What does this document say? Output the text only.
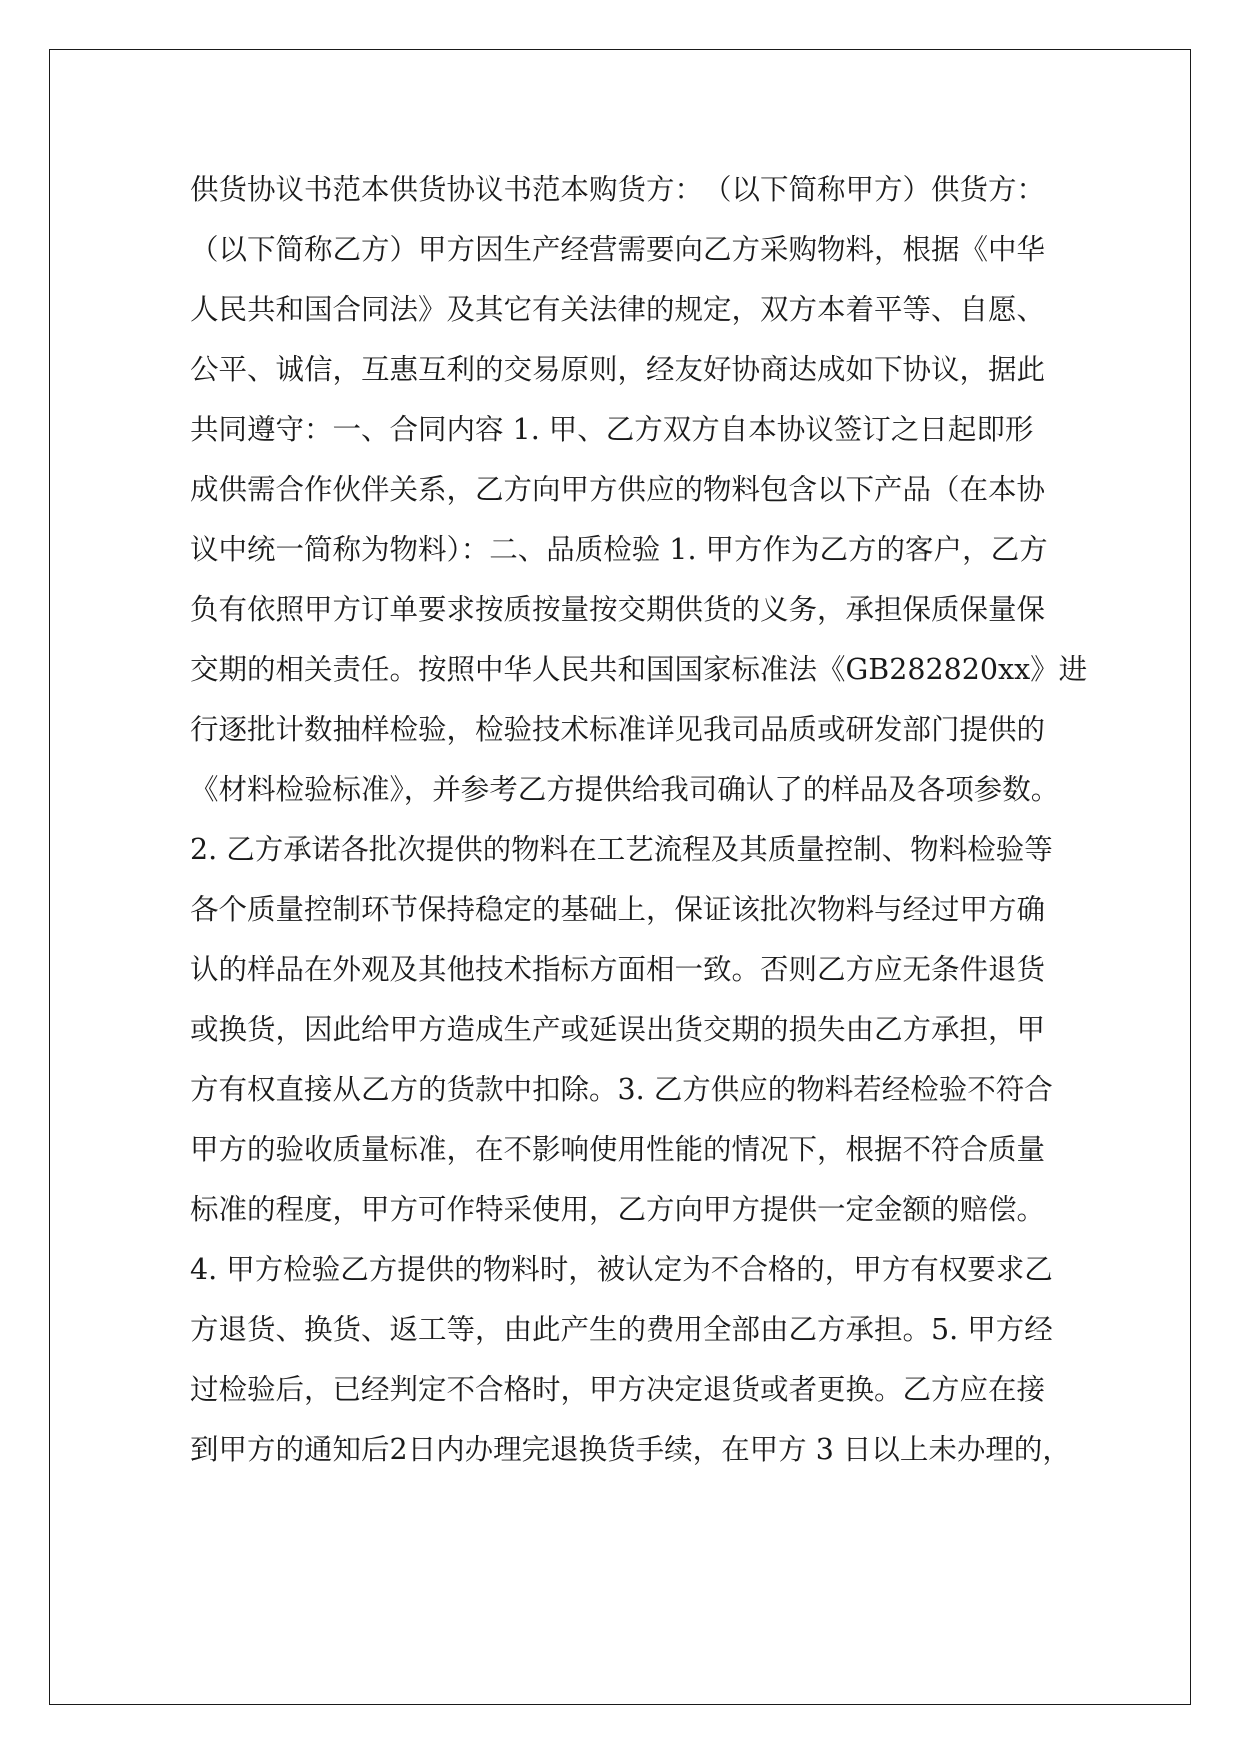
供货协议书范本供货协议书范本购货方：　（以下简称甲方）供货方：
（以下简称乙方）甲方因生产经营需要向乙方采购物料，根据《中华
人民共和国合同法》及其它有关法律的规定，双方本着平等、自愿、
公平、诚信，互惠互利的交易原则，经友好协商达成如下协议，据此
共同遵守：一、合同内容 1. 甲、乙方双方自本协议签订之日起即形
成供需合作伙伴关系，乙方向甲方供应的物料包含以下产品（在本协
议中统一简称为物料）：二、品质检验 1. 甲方作为乙方的客户，乙方
负有依照甲方订单要求按质按量按交期供货的义务，承担保质保量保
交期的相关责任。按照中华人民共和国国家标准法《GB282820xx》进
行逐批计数抽样检验，检验技术标准详见我司品质或研发部门提供的
《材料检验标准》，并参考乙方提供给我司确认了的样品及各项参数。
2. 乙方承诺各批次提供的物料在工艺流程及其质量控制、物料检验等
各个质量控制环节保持稳定的基础上，保证该批次物料与经过甲方确
认的样品在外观及其他技术指标方面相一致。否则乙方应无条件退货
或换货，因此给甲方造成生产或延误出货交期的损失由乙方承担，甲
方有权直接从乙方的货款中扣除。3. 乙方供应的物料若经检验不符合
甲方的验收质量标准，在不影响使用性能的情况下，根据不符合质量
标准的程度，甲方可作特采使用，乙方向甲方提供一定金额的赔偿。
4. 甲方检验乙方提供的物料时，被认定为不合格的，甲方有权要求乙
方退货、换货、返工等，由此产生的费用全部由乙方承担。5. 甲方经
过检验后，已经判定不合格时，甲方决定退货或者更换。乙方应在接
到甲方的通知后2日内办理完退换货手续，在甲方 3 日以上未办理的，
